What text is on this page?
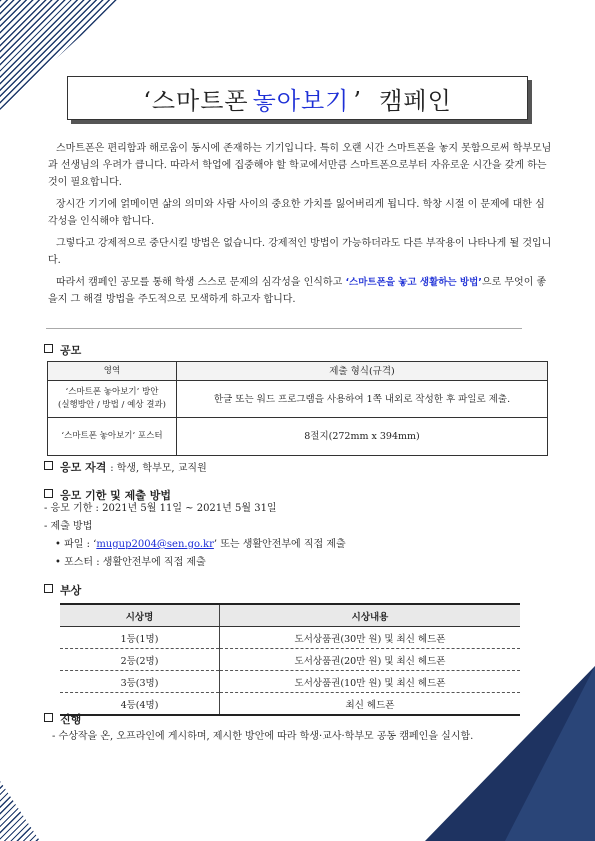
‘스마트폰 놓아보기 ’  캠페인

스마트폰은 편리함과 해로움이 동시에 존재하는 기기입니다. 특히 오랜 시간 스마트폰을 놓지 못함으로써 학부모님과 선생님의 우려가 큽니다. 따라서 학업에 집중해야 할 학교에서만큼 스마트폰으로부터 자유로운 시간을 갖게 하는 것이 필요합니다.

장시간 기기에 얽메이면 삶의 의미와 사람 사이의 중요한 가치를 잃어버리게 됩니다. 학창 시절 이 문제에 대한 심각성을 인식해야 합니다.

그렇다고 강제적으로 중단시킬 방법은 없습니다. 강제적인 방법이 가능하더라도 다른 부작용이 나타나게 될 것입니다.

따라서 캠페인 공모를 통해 학생 스스로 문제의 심각성을 인식하고 ‘스마트폰을 놓고 생활하는 방법’으로 무엇이 좋을지 그 해결 방법을 주도적으로 모색하게 하고자 합니다.

공모
영역	제출 형식(규격)

‘스마트폰 놓아보기’ 방안
(실행방안 / 방법 / 예상 결과)	한글 또는 워드 프로그램을 사용하여 1쪽 내외로 작성한 후 파일로 제출.
‘스마트폰 놓아보기’ 포스터	8절지(272mm x 394mm)
응모 자격 : 학생, 학부모, 교직원
응모 기한 및 제출 방법
- 응모 기한 : 2021년 5월 11일 ~ 2021년 5월 31일
- 제출 방법
• 파일 : ‘mugup2004@sen.go.kr’ 또는 생활안전부에 직접 제출
• 포스터 : 생활안전부에 직접 제출
부상
시상명	시상내용
1등(1명)	도서상품권(30만 원) 및 최신 헤드폰
2등(2명)	도서상품권(20만 원) 및 최신 헤드폰
3등(3명)	도서상품권(10만 원) 및 최신 헤드폰
4등(4명)	최신 헤드폰
진행
- 수상작을 온, 오프라인에 게시하며, 제시한 방안에 따라 학생·교사·학부모 공동 캠페인을 실시함.
